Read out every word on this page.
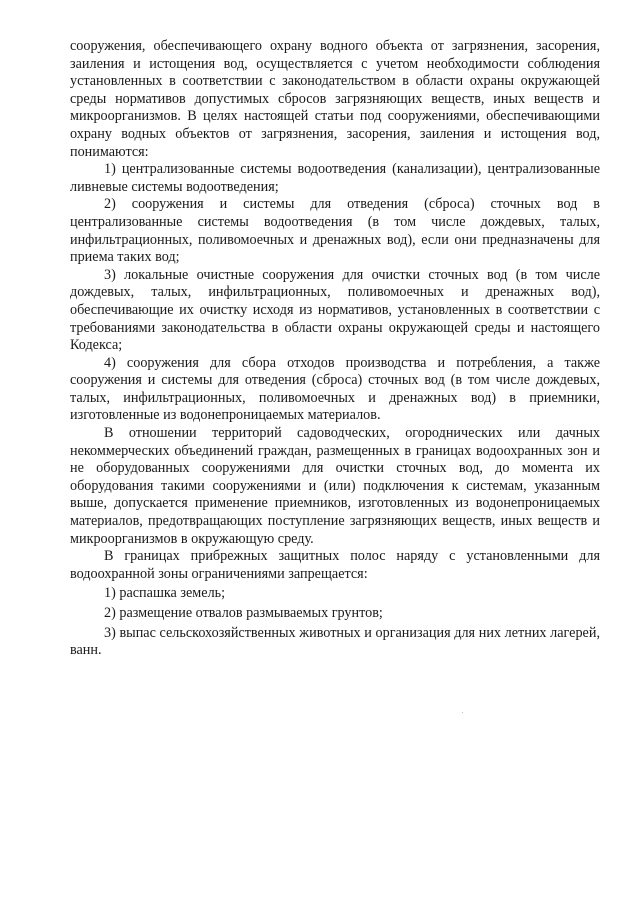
сооружения, обеспечивающего охрану водного объекта от загрязнения, засорения, заиления и истощения вод, осуществляется с учетом необходимости соблюдения установленных в соответствии с законодательством в области охраны окружающей среды нормативов допустимых сбросов загрязняющих веществ, иных веществ и микроорганизмов. В целях настоящей статьи под сооружениями, обеспечивающими охрану водных объектов от загрязнения, засорения, заиления и истощения вод, понимаются:

1) централизованные системы водоотведения (канализации), централизованные ливневые системы водоотведения;

2) сооружения и системы для отведения (сброса) сточных вод в централизованные системы водоотведения (в том числе дождевых, талых, инфильтрационных, поливомоечных и дренажных вод), если они предназначены для приема таких вод;

3) локальные очистные сооружения для очистки сточных вод (в том числе дождевых, талых, инфильтрационных, поливомоечных и дренажных вод), обеспечивающие их очистку исходя из нормативов, установленных в соответствии с требованиями законодательства в области охраны окружающей среды и настоящего Кодекса;

4) сооружения для сбора отходов производства и потребления, а также сооружения и системы для отведения (сброса) сточных вод (в том числе дождевых, талых, инфильтрационных, поливомоечных и дренажных вод) в приемники, изготовленные из водонепроницаемых материалов.

В отношении территорий садоводческих, огороднических или дачных некоммерческих объединений граждан, размещенных в границах водоохранных зон и не оборудованных сооружениями для очистки сточных вод, до момента их оборудования такими сооружениями и (или) подключения к системам, указанным выше, допускается применение приемников, изготовленных из водонепроницаемых материалов, предотвращающих поступление загрязняющих веществ, иных веществ и микроорганизмов в окружающую среду.

В границах прибрежных защитных полос наряду с установленными для водоохранной зоны ограничениями запрещается:

1) распашка земель;

2) размещение отвалов размываемых грунтов;

3) выпас сельскохозяйственных животных и организация для них летних лагерей, ванн.
